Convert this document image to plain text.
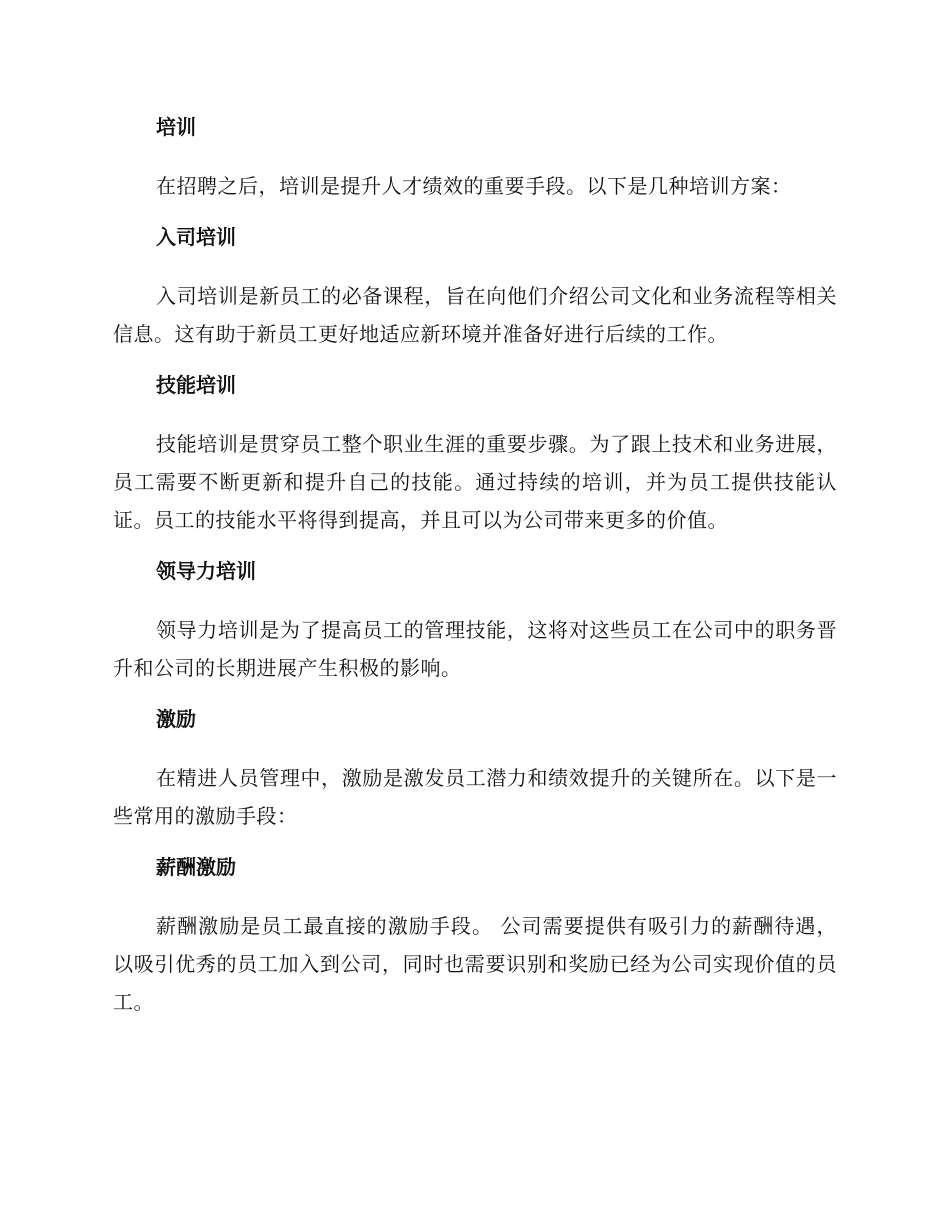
培训

在招聘之后，培训是提升人才绩效的重要手段。以下是几种培训方案：

入司培训

入司培训是新员工的必备课程，旨在向他们介绍公司文化和业务流程等相关信息。这有助于新员工更好地适应新环境并准备好进行后续的工作。

技能培训

技能培训是贯穿员工整个职业生涯的重要步骤。为了跟上技术和业务进展，员工需要不断更新和提升自己的技能。通过持续的培训，并为员工提供技能认证。员工的技能水平将得到提高，并且可以为公司带来更多的价值。

领导力培训

领导力培训是为了提高员工的管理技能，这将对这些员工在公司中的职务晋升和公司的长期进展产生积极的影响。

激励

在精进人员管理中，激励是激发员工潜力和绩效提升的关键所在。以下是一些常用的激励手段：

薪酬激励

薪酬激励是员工最直接的激励手段。 公司需要提供有吸引力的薪酬待遇，以吸引优秀的员工加入到公司，同时也需要识别和奖励已经为公司实现价值的员工。
